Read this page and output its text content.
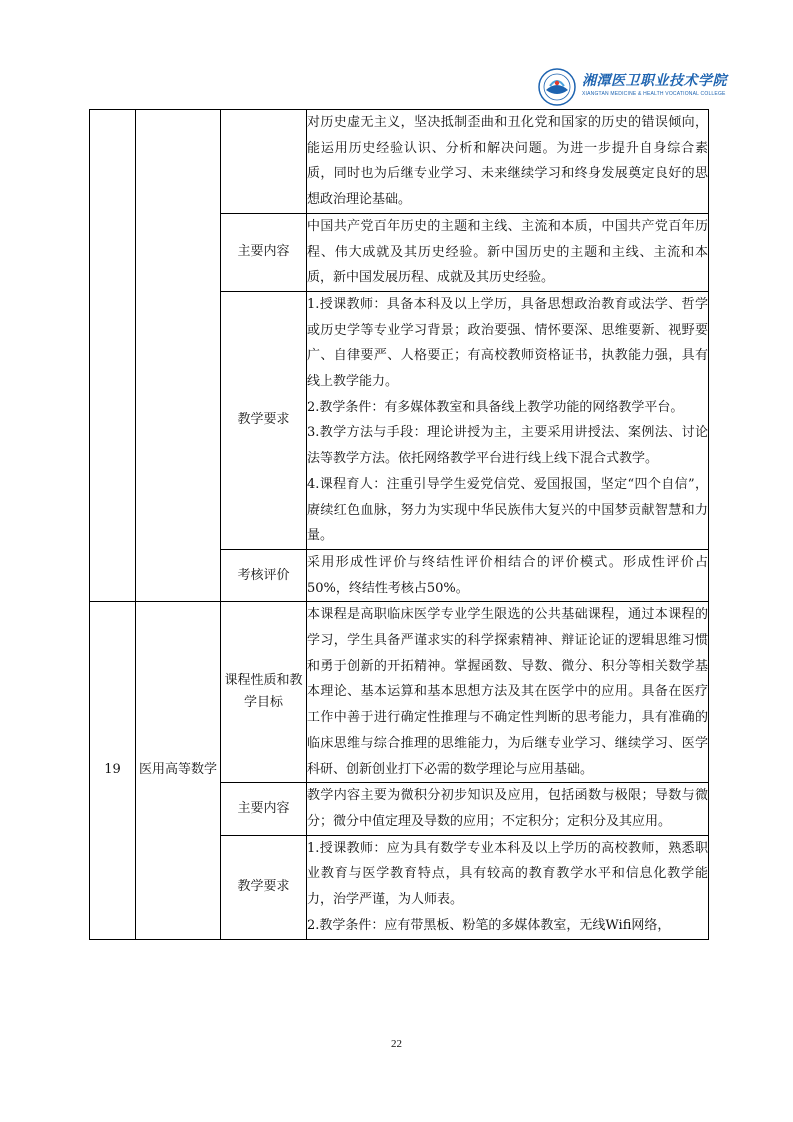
湘潭医卫职业技术学院
XIANGTAN MEDICINE & HEALTH VOCATIONAL COLLEGE

			对历史虚无主义，坚决抵制歪曲和丑化党和国家的历史的错误倾向，能运用历史经验认识、分析和解决问题。为进一步提升自身综合素质，同时也为后继专业学习、未来继续学习和终身发展奠定良好的思想政治理论基础。

		主要内容	中国共产党百年历史的主题和主线、主流和本质，中国共产党百年历程、伟大成就及其历史经验。新中国历史的主题和主线、主流和本质，新中国发展历程、成就及其历史经验。

		教学要求	1.授课教师：具备本科及以上学历，具备思想政治教育或法学、哲学或历史学等专业学习背景；政治要强、情怀要深、思维要新、视野要广、自律要严、人格要正；有高校教师资格证书，执教能力强，具有线上教学能力。

2.教学条件：有多媒体教室和具备线上教学功能的网络教学平台。

3.教学方法与手段：理论讲授为主，主要采用讲授法、案例法、讨论法等教学方法。依托网络教学平台进行线上线下混合式教学。

4.课程育人：注重引导学生爱党信党、爱国报国，坚定“四个自信”，赓续红色血脉，努力为实现中华民族伟大复兴的中国梦贡献智慧和力量。

		考核评价	采用形成性评价与终结性评价相结合的评价模式。形成性评价占50%，终结性考核占50%。

19	医用高等数学	课程性质和教学目标	本课程是高职临床医学专业学生限选的公共基础课程，通过本课程的学习，学生具备严谨求实的科学探索精神、辩证论证的逻辑思维习惯和勇于创新的开拓精神。掌握函数、导数、微分、积分等相关数学基本理论、基本运算和基本思想方法及其在医学中的应用。具备在医疗工作中善于进行确定性推理与不确定性判断的思考能力，具有准确的临床思维与综合推理的思维能力，为后继专业学习、继续学习、医学科研、创新创业打下必需的数学理论与应用基础。

		主要内容	教学内容主要为微积分初步知识及应用，包括函数与极限；导数与微分；微分中值定理及导数的应用；不定积分；定积分及其应用。

		教学要求	1.授课教师：应为具有数学专业本科及以上学历的高校教师，熟悉职业教育与医学教育特点，具有较高的教育教学水平和信息化教学能力，治学严谨，为人师表。

2.教学条件：应有带黑板、粉笔的多媒体教室，无线Wifi网络，

22
